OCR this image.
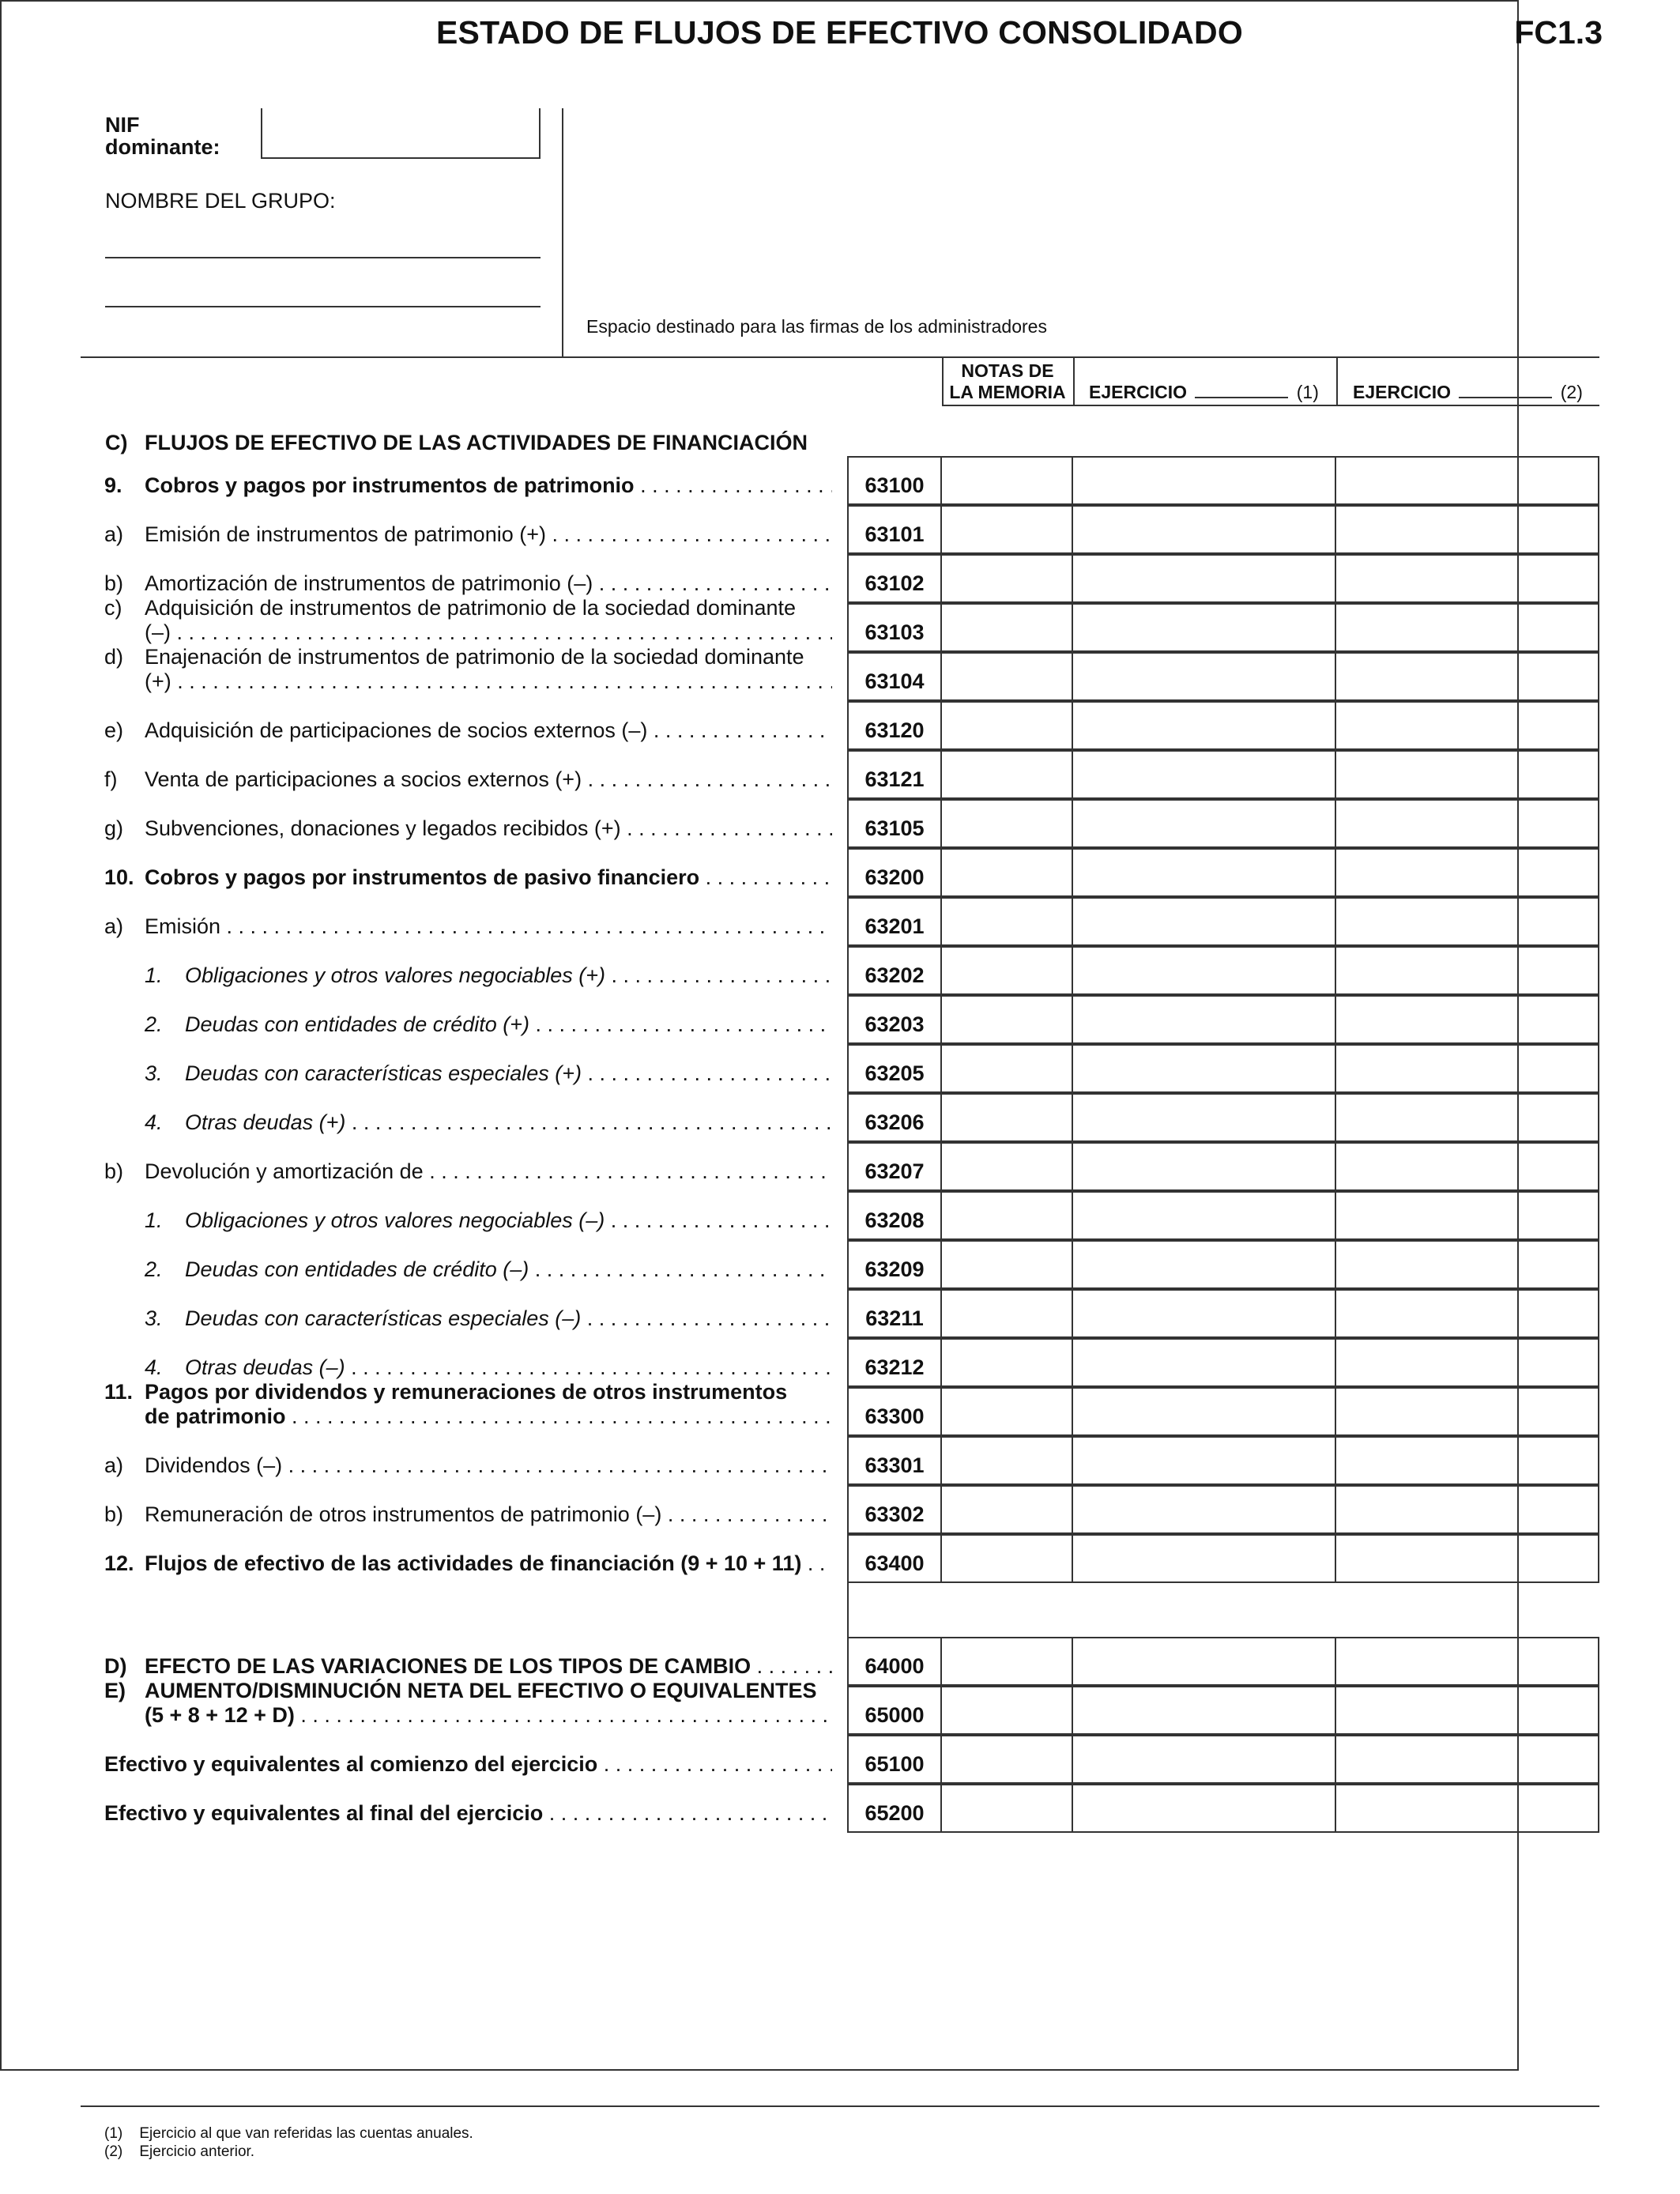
ESTADO DE FLUJOS DE EFECTIVO CONSOLIDADO	FC1.3
NIF
dominante:
NOMBRE DEL GRUPO:
Espacio destinado para las firmas de los administradores
NOTAS DE
LA MEMORIA	EJERCICIO	(1) EJERCICIO	(2)
C) FLUJOS DE EFECTIVO DE LAS ACTIVIDADES DE FINANCIACIÓN
9. Cobros y pagos por instrumentos de patrimonio . . .	63100
a) Emisión de instrumentos de patrimonio (+) . . .	63101
b) Amortización de instrumentos de patrimonio (–) . . .	63102
c) Adquisición de instrumentos de patrimonio de la sociedad dominante
(–) . . .	63103
d) Enajenación de instrumentos de patrimonio de la sociedad dominante
(+) . . .	63104
e) Adquisición de participaciones de socios externos (–) . . .	63120
f) Venta de participaciones a socios externos (+) . . .	63121
g) Subvenciones, donaciones y legados recibidos (+) . . .	63105
10. Cobros y pagos por instrumentos de pasivo financiero . . .	63200
a) Emisión . . .	63201
1. Obligaciones y otros valores negociables (+) . . .	63202
2. Deudas con entidades de crédito (+) . . .	63203
3. Deudas con características especiales (+) . . .	63205
4. Otras deudas (+) . . .	63206
b) Devolución y amortización de . . .	63207
1. Obligaciones y otros valores negociables (–) . . .	63208
2. Deudas con entidades de crédito (–) . . .	63209
3. Deudas con características especiales (–) . . .	63211
4. Otras deudas (–) . . .	63212
11. Pagos por dividendos y remuneraciones de otros instrumentos
de patrimonio . . .	63300
a) Dividendos (–) . . .	63301
b) Remuneración de otros instrumentos de patrimonio (–) . . .	63302
12. Flujos de efectivo de las actividades de financiación (9 + 10 + 11) . . .	63400
D) EFECTO DE LAS VARIACIONES DE LOS TIPOS DE CAMBIO . . .	64000
E) AUMENTO/DISMINUCIÓN NETA DEL EFECTIVO O EQUIVALENTES
(5 + 8 + 12 + D) . . .	65000
Efectivo y equivalentes al comienzo del ejercicio . . .	65100
Efectivo y equivalentes al final del ejercicio . . .	65200
(1) Ejercicio al que van referidas las cuentas anuales.
(2) Ejercicio anterior.
